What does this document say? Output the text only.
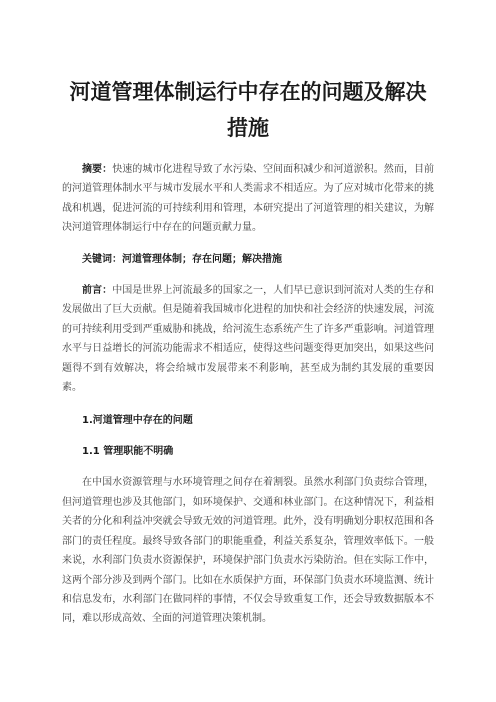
河道管理体制运行中存在的问题及解决
措施

摘要：快速的城市化进程导致了水污染、空间面积减少和河道淤积。然而，目前的河道管理体制水平与城市发展水平和人类需求不相适应。为了应对城市化带来的挑战和机遇，促进河流的可持续利用和管理，本研究提出了河道管理的相关建议，为解决河道管理体制运行中存在的问题贡献力量。

关键词：河道管理体制；存在问题；解决措施

前言：中国是世界上河流最多的国家之一，人们早已意识到河流对人类的生存和发展做出了巨大贡献。但是随着我国城市化进程的加快和社会经济的快速发展，河流的可持续利用受到严重威胁和挑战，给河流生态系统产生了许多严重影响。河道管理水平与日益增长的河流功能需求不相适应，使得这些问题变得更加突出，如果这些问题得不到有效解决，将会给城市发展带来不利影响，甚至成为制约其发展的重要因素。

1.河道管理中存在的问题

1.1 管理职能不明确

在中国水资源管理与水环境管理之间存在着割裂。虽然水利部门负责综合管理，但河道管理也涉及其他部门，如环境保护、交通和林业部门。在这种情况下，利益相关者的分化和利益冲突就会导致无效的河道管理。此外，没有明确划分职权范围和各部门的责任程度。最终导致各部门的职能重叠，利益关系复杂，管理效率低下。一般来说，水利部门负责水资源保护，环境保护部门负责水污染防治。但在实际工作中，这两个部分涉及到两个部门。比如在水质保护方面，环保部门负责水环境监测、统计和信息发布，水利部门在做同样的事情，不仅会导致重复工作，还会导致数据版本不同，难以形成高效、全面的河道管理决策机制。
